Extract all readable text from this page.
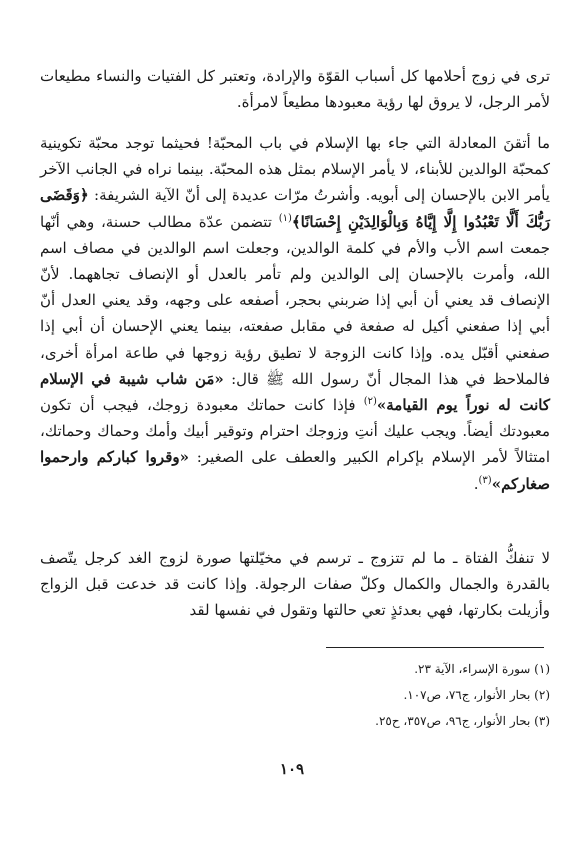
ترى في زوج أحلامها كل أسباب القوّة والإرادة، وتعتبر كل الفتيات والنساء مطيعات لأمر الرجل، لا يروق لها رؤية معبودها مطيعاً لامرأة.

ما أتقنَ المعادلة التي جاء بها الإسلام في باب المحبّة! فحيثما توجد محبّة تكوينية كمحبّة الوالدين للأبناء، لا يأمر الإسلام بمثل هذه المحبّة. بينما نراه في الجانب الآخر يأمر الابن بالإحسان إلى أبويه. وأشرتُ مرّات عديدة إلى أنّ الآية الشريفة: ﴿وَقَضَى رَبُّكَ أَلَّا تَعْبُدُوا إِلَّا إِيَّاهُ وَبِالْوَالِدَيْنِ إِحْسَانًا﴾$^{(١)}$ تتضمن عدّة مطالب حسنة، وهي أنّها جمعت اسم الأب والأم في كلمة الوالدين، وجعلت اسم الوالدين في مصاف اسم الله، وأمرت بالإحسان إلى الوالدين ولم تأمر بالعدل أو الإنصاف تجاههما. لأنّ الإنصاف قد يعني أن أبي إذا ضربني بحجر، أصفعه على وجهه، وقد يعني العدل أنّ أبي إذا صفعني أكيل له صفعة في مقابل صفعته، بينما يعني الإحسان أن أبي إذا صفعني أقبّل يده. وإذا كانت الزوجة لا تطيق رؤية زوجها في طاعة امرأة أخرى، فالملاحظ في هذا المجال أنّ رسول الله ﷺ قال: «مَن شاب شيبة في الإسلام كانت له نوراً يوم القيامة»$^{(٢)}$ فإذا كانت حماتك معبودة زوجك، فيجب أن تكون معبودتك أيضاً. ويجب عليك أنتِ وزوجك احترام وتوقير أبيك وأمك وحماك وحماتك، امتثالاً لأمر الإسلام بإكرام الكبير والعطف على الصغير: «وقروا كباركم وارحموا صغاركم»$^{(٣)}$.

لا تنفكُّ الفتاة ـ ما لم تتزوج ـ ترسم في مخيّلتها صورة لزوج الغد كرجل يتّصف بالقدرة والجمال والكمال وكلّ صفات الرجولة. وإذا كانت قد خدعت قبل الزواج وأزيلت بكارتها، فهي بعدئذٍ تعي حالتها وتقول في نفسها لقد

(١) سورة الإسراء، الآية ٢٣.
(٢) بحار الأنوار، ج٧٦، ص١٠٧.
(٣) بحار الأنوار، ج٩٦، ص٣٥٧، ح٢٥.
١٠٩
